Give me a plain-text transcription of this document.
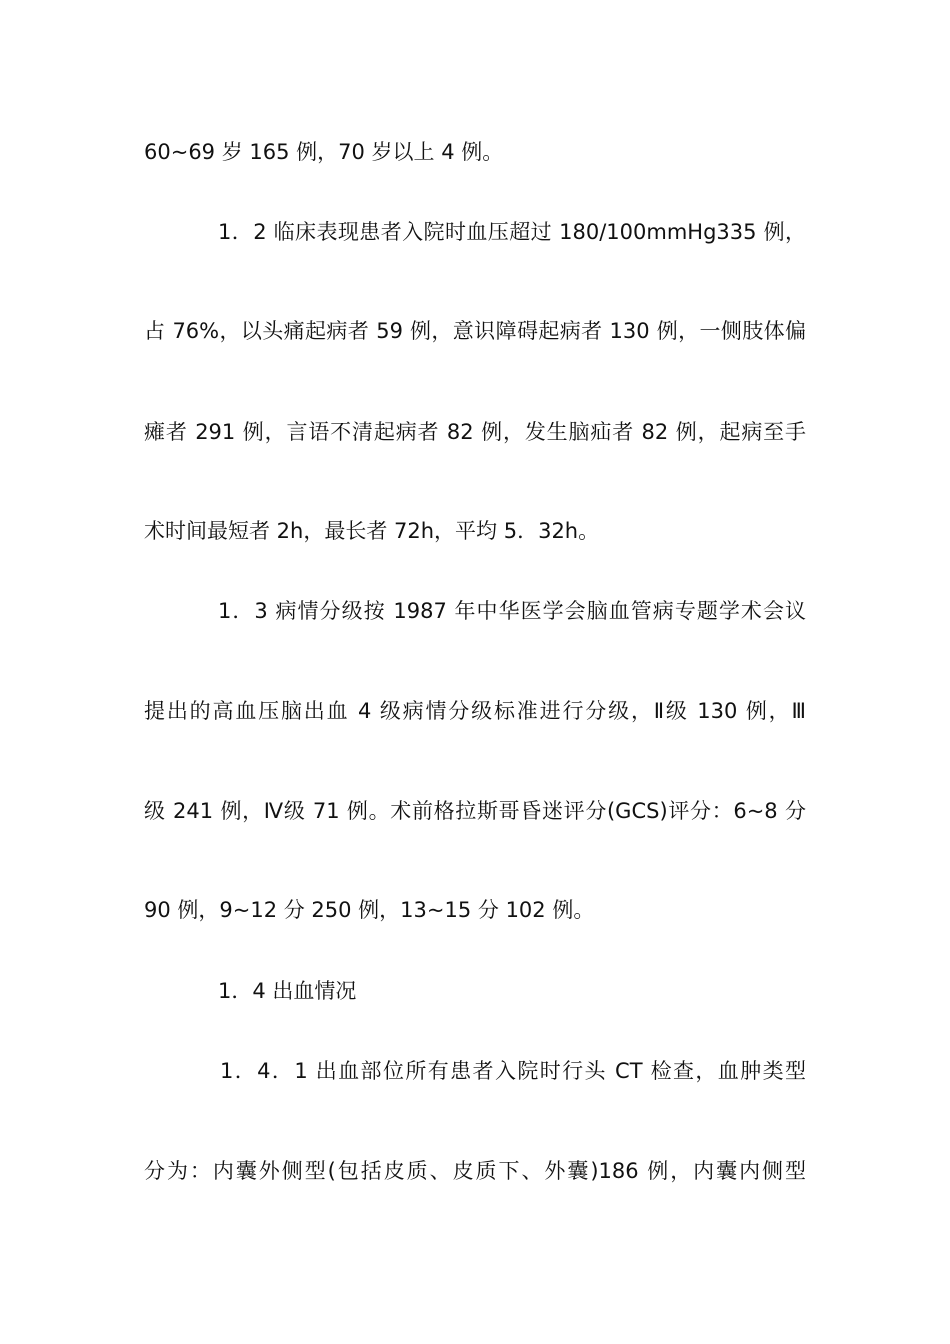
60~69 岁 165 例，70 岁以上 4 例。
1．2 临床表现患者入院时血压超过 180/100mmHg335 例，
占 76%，以头痛起病者 59 例，意识障碍起病者 130 例，一侧肢体偏
瘫者 291 例，言语不清起病者 82 例，发生脑疝者 82 例，起病至手
术时间最短者 2h，最长者 72h，平均 5．32h。
1．3 病情分级按 1987 年中华医学会脑血管病专题学术会议
提出的高血压脑出血 4 级病情分级标准进行分级，Ⅱ级 130 例，Ⅲ
级 241 例，Ⅳ级 71 例。术前格拉斯哥昏迷评分(GCS)评分：6~8 分
90 例，9~12 分 250 例，13~15 分 102 例。
1．4 出血情况
1．4．1 出血部位所有患者入院时行头 CT 检查，血肿类型
分为：内囊外侧型(包括皮质、皮质下、外囊)186 例，内囊内侧型
